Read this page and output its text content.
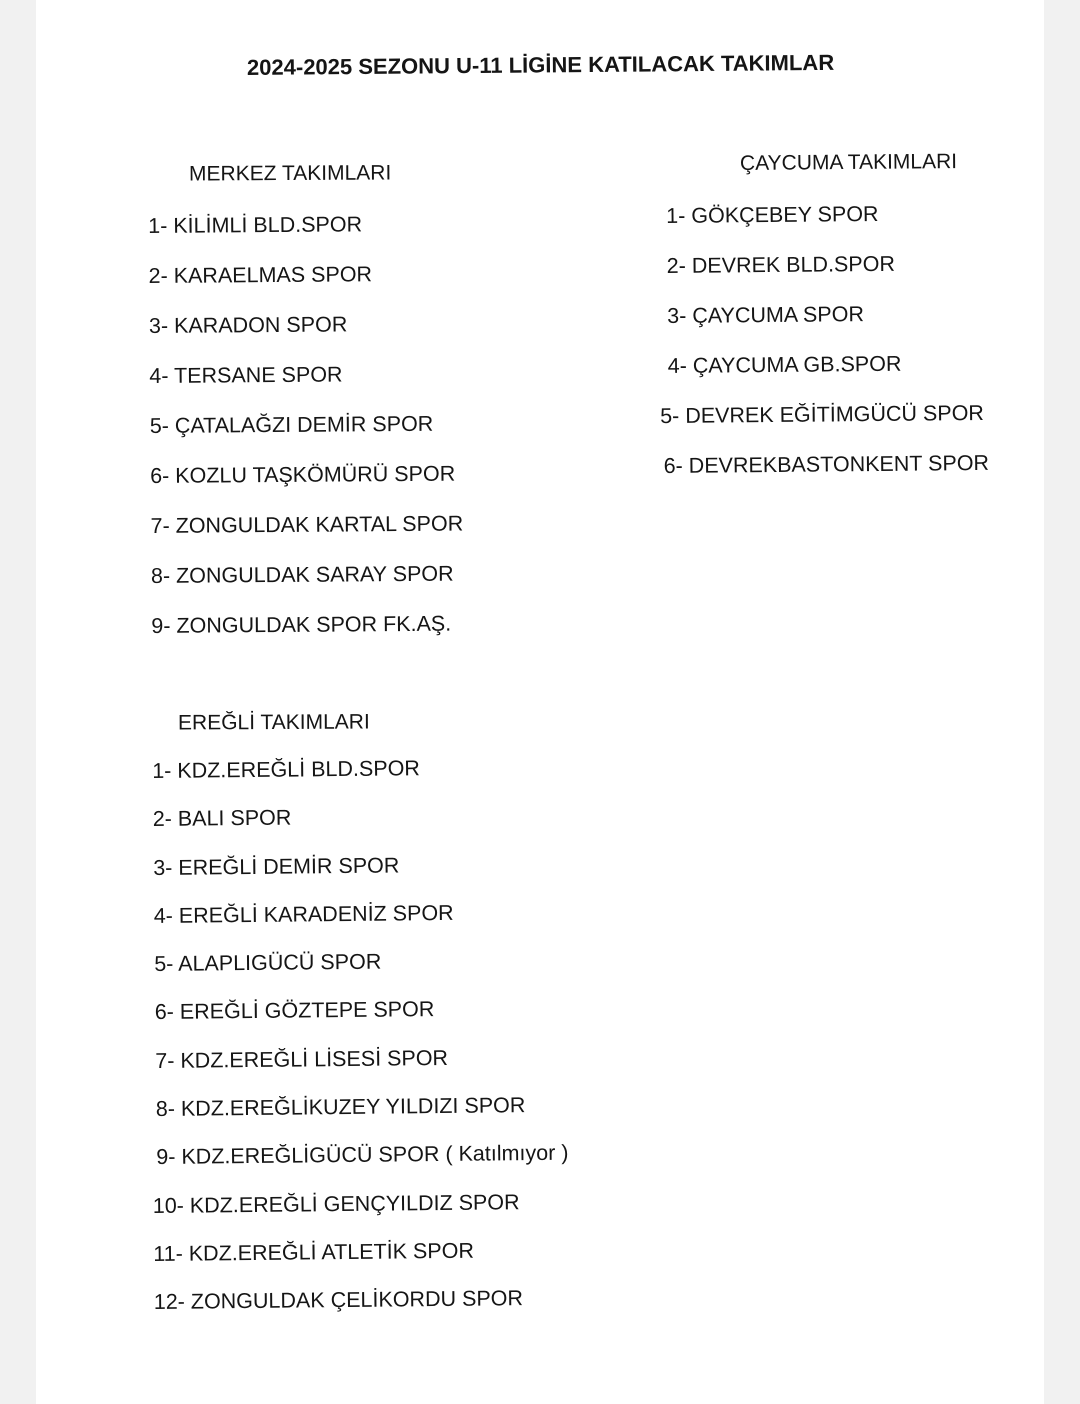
2024-2025 SEZONU U-11 LİGİNE KATILACAK TAKIMLAR
MERKEZ TAKIMLARI
1- KİLİMLİ BLD.SPOR
2- KARAELMAS SPOR
3- KARADON SPOR
4- TERSANE SPOR
5- ÇATALAĞZI DEMİR SPOR
6- KOZLU TAŞKÖMÜRÜ SPOR
7- ZONGULDAK KARTAL SPOR
8- ZONGULDAK SARAY SPOR
9- ZONGULDAK SPOR FK.AŞ.
ÇAYCUMA TAKIMLARI
1- GÖKÇEBEY SPOR
2- DEVREK BLD.SPOR
3- ÇAYCUMA SPOR
4- ÇAYCUMA GB.SPOR
5- DEVREK EĞİTİMGÜCÜ SPOR
6- DEVREKBASTONKENT SPOR
EREĞLİ TAKIMLARI
1- KDZ.EREĞLİ BLD.SPOR
2- BALI SPOR
3- EREĞLİ DEMİR SPOR
4- EREĞLİ KARADENİZ SPOR
5- ALAPLIGÜCÜ SPOR
6- EREĞLİ GÖZTEPE SPOR
7- KDZ.EREĞLİ LİSESİ SPOR
8- KDZ.EREĞLİKUZEY YILDIZI SPOR
9- KDZ.EREĞLİGÜCÜ SPOR ( Katılmıyor )
10- KDZ.EREĞLİ GENÇYILDIZ SPOR
11- KDZ.EREĞLİ ATLETİK SPOR
12- ZONGULDAK ÇELİKORDU SPOR
